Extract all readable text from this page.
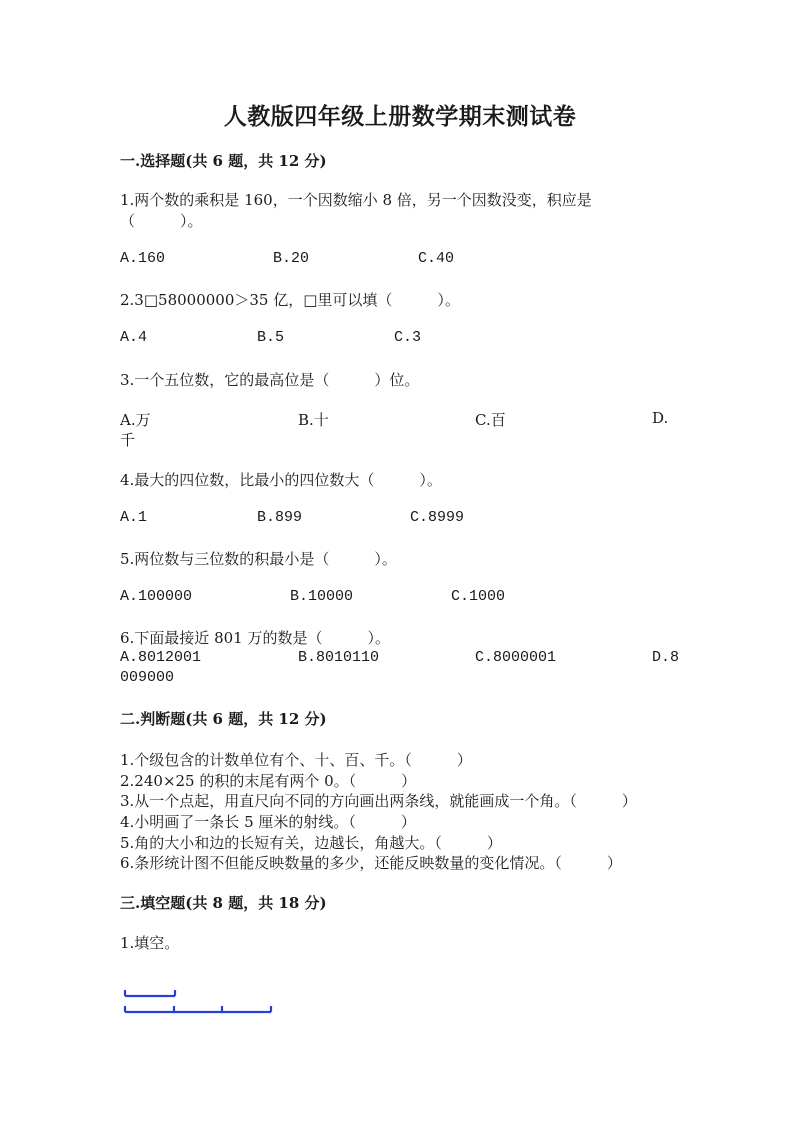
人教版四年级上册数学期末测试卷
一.选择题(共 6 题，共 12 分)
1.两个数的乘积是 160，一个因数缩小 8 倍，另一个因数没变，积应是
（　　　）。
A.160	B.20	C.40
2.3□58000000＞35 亿，□里可以填（　　　）。
A.4	B.5	C.3
3.一个五位数，它的最高位是（　　　）位。
A.万	B.十	C.百	D.
千
4.最大的四位数，比最小的四位数大（　　　）。
A.1	B.899	C.8999
5.两位数与三位数的积最小是（　　　）。
A.100000	B.10000	C.1000
6.下面最接近 801 万的数是（　　　）。
A.8012001	B.8010110	C.8000001	D.8
009000
二.判断题(共 6 题，共 12 分)
1.个级包含的计数单位有个、十、百、千。（　　　）
2.240×25 的积的末尾有两个 0。（　　　）
3.从一个点起，用直尺向不同的方向画出两条线，就能画成一个角。（　　　）
4.小明画了一条长 5 厘米的射线。（　　　）
5.角的大小和边的长短有关，边越长，角越大。（　　　）
6.条形统计图不但能反映数量的多少，还能反映数量的变化情况。（　　　）
三.填空题(共 8 题，共 18 分)
1.填空。
